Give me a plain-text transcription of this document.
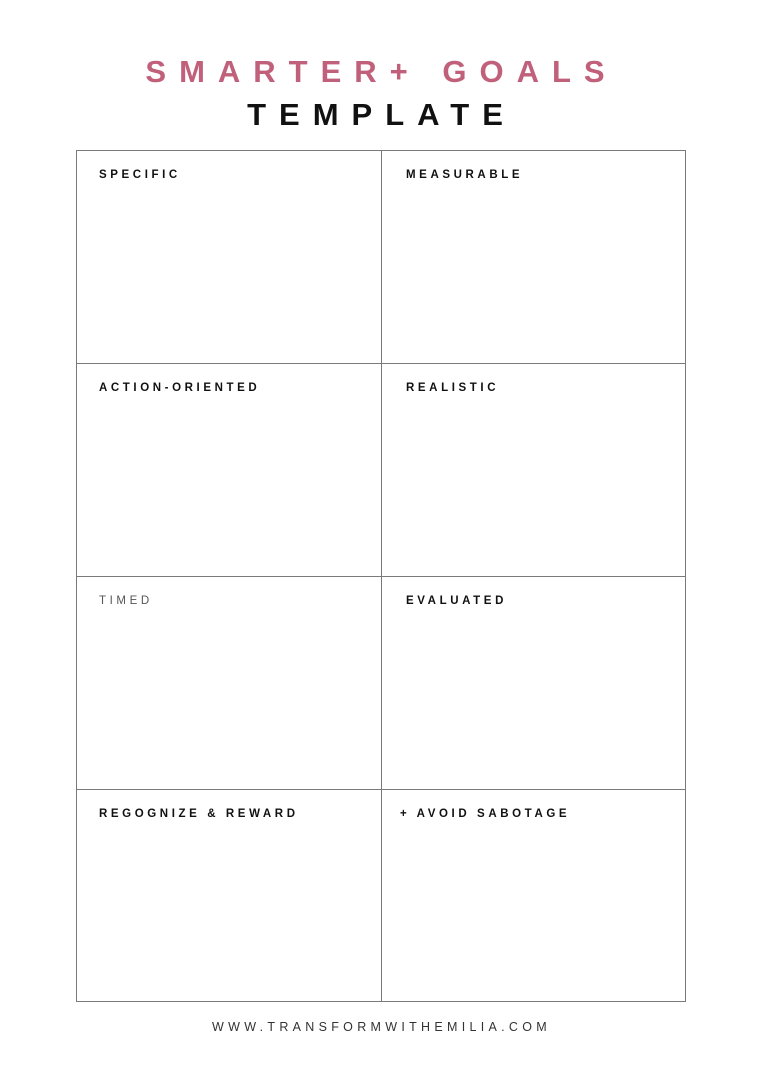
SMARTER+ GOALS
TEMPLATE
SPECIFIC	MEASURABLE
ACTION-ORIENTED	REALISTIC
TIMED	EVALUATED
REGOGNIZE & REWARD	+ AVOID SABOTAGE
WWW.TRANSFORMWITHEMILIA.COM
